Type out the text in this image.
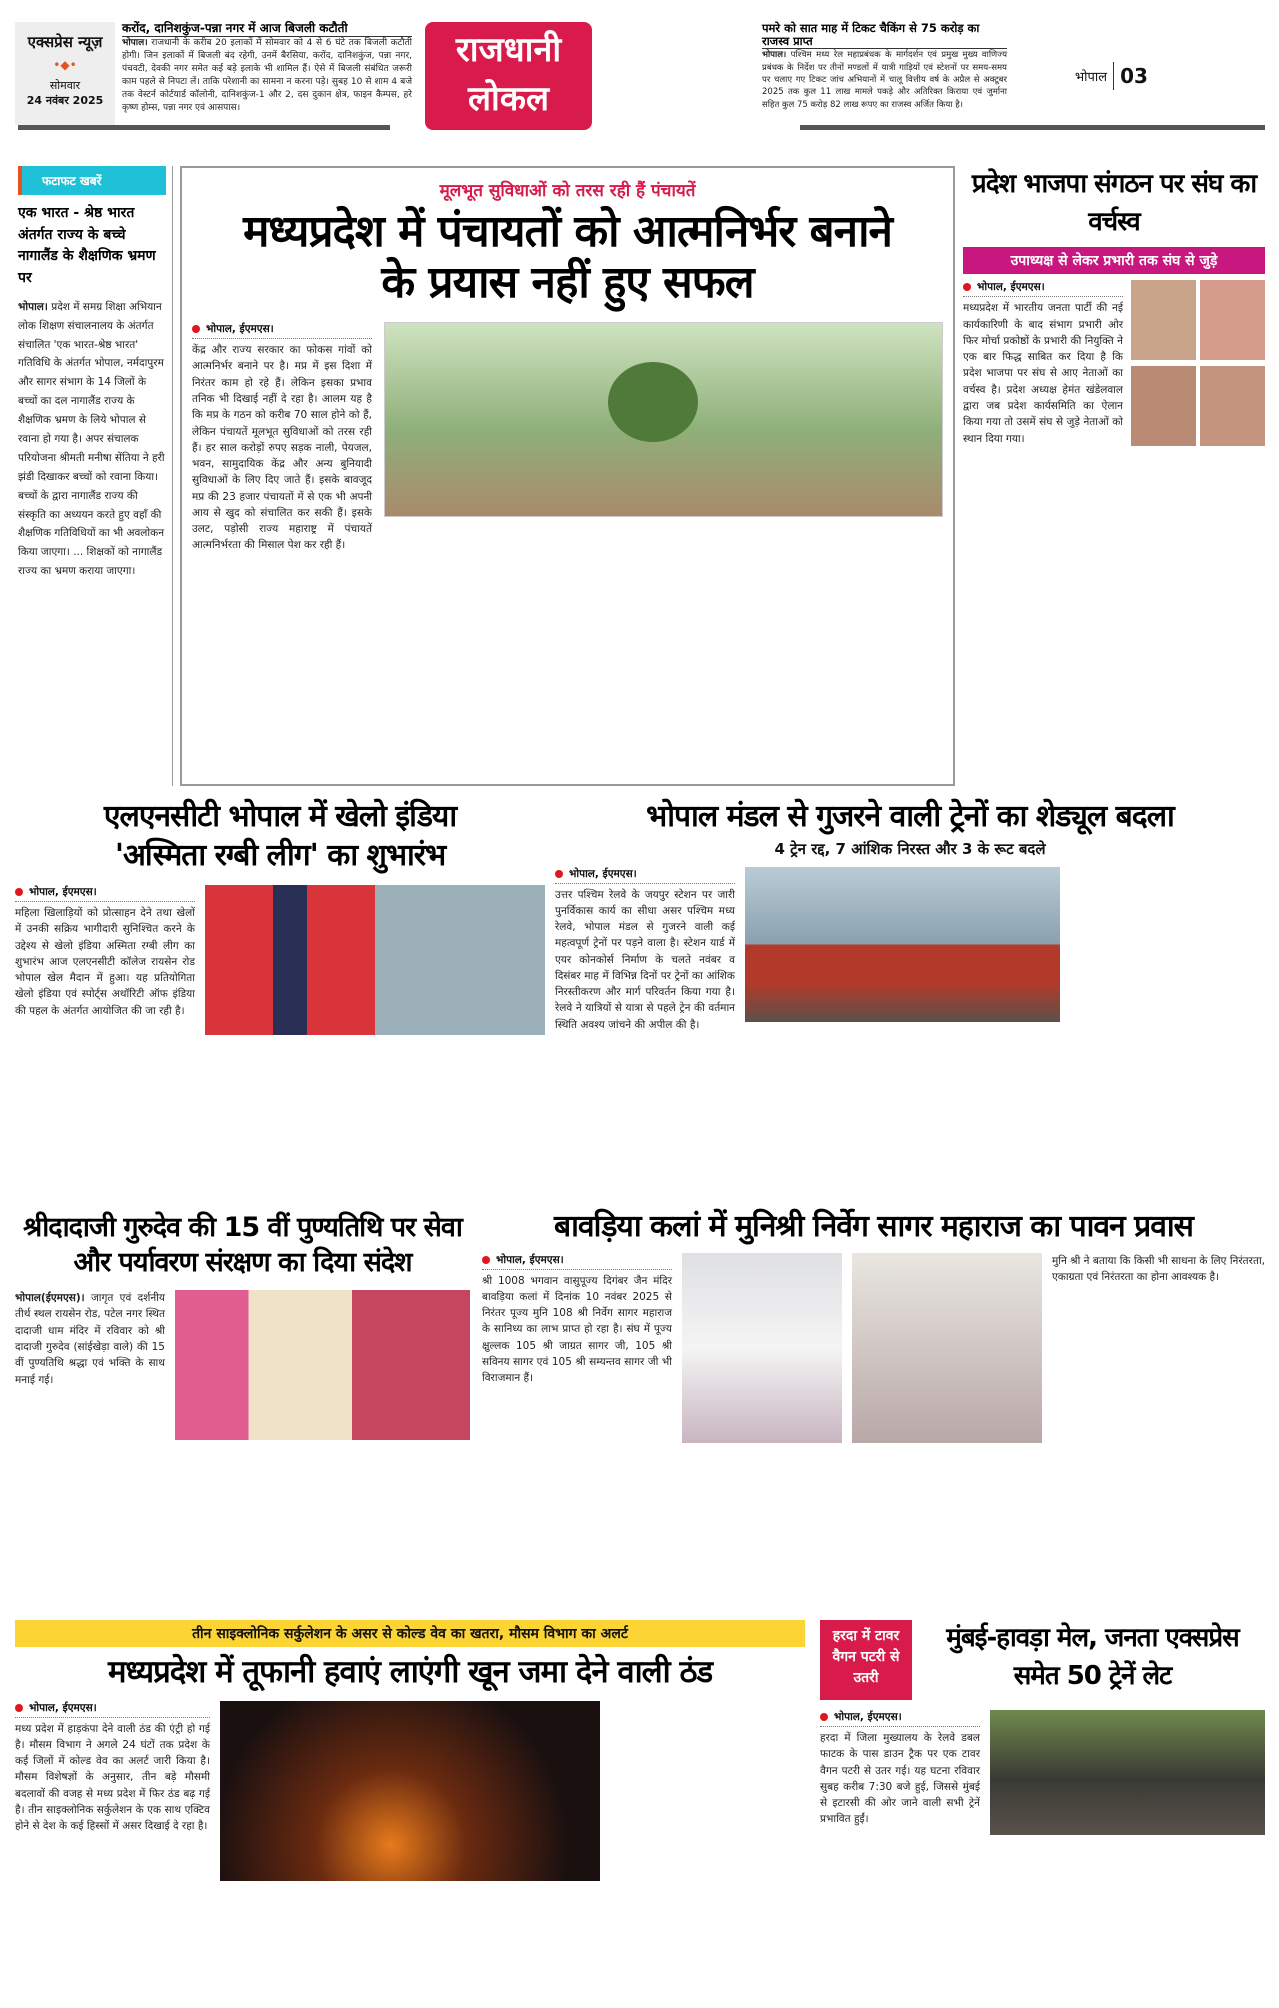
एक्सप्रेस न्यूज़
•◆•
सोमवार
24 नवंबर 2025
करोंद, दानिशकुंज-पन्ना नगर में आज बिजली कटौती
भोपाल। राजधानी के करीब 20 इलाकों में सोमवार को 4 से 6 घंटे तक बिजली कटौती होगी। जिन इलाकों में बिजली बंद रहेगी, उनमें बैरसिया, करोंद, दानिशकुंज, पन्ना नगर, पंचवटी, देवकी नगर समेत कई बड़े इलाके भी शामिल हैं। ऐसे में बिजली संबंधित जरूरी काम पहले से निपटा लें। ताकि परेशानी का सामना न करना पड़े। सुबह 10 से शाम 4 बजे तक वेस्टर्न कोर्टयार्ड कॉलोनी, दानिशकुंज-1 और 2, दस दुकान क्षेत्र, फाइन कैम्पस, हरे कृष्ण होम्स, पन्ना नगर एवं आसपास।
राजधानी
लोकल
पमरे को सात माह में टिकट चैकिंग से 75 करोड़ का राजस्व प्राप्त
भोपाल। पश्चिम मध्य रेल महाप्रबंधक के मार्गदर्शन एवं प्रमुख मुख्य वाणिज्य प्रबंधक के निर्देश पर तीनों मण्डलों में यात्री गाड़ियों एवं स्टेशनों पर समय-समय पर चलाए गए टिकट जांच अभियानों में चालू वित्तीय वर्ष के अप्रैल से अक्टूबर 2025 तक कुल 11 लाख मामले पकड़े और अतिरिक्त किराया एवं जुर्माना सहित कुल 75 करोड़ 82 लाख रूपए का राजस्व अर्जित किया है।
भोपाल 03
फटाफट खबरें
एक भारत - श्रेष्ठ भारत अंतर्गत राज्य के बच्चे नागालैंड के शैक्षणिक भ्रमण पर
भोपाल। प्रदेश में समग्र शिक्षा अभियान लोक शिक्षण संचालनालय के अंतर्गत संचालित 'एक भारत-श्रेष्ठ भारत' गतिविधि के अंतर्गत भोपाल, नर्मदापुरम और सागर संभाग के 14 जिलों के बच्चों का दल नागालैंड राज्य के शैक्षणिक भ्रमण के लिये भोपाल से रवाना हो गया है। अपर संचालक परियोजना श्रीमती मनीषा सेंतिया ने हरी झंडी दिखाकर बच्चों को रवाना किया। बच्चों के द्वारा नागालैंड राज्य की संस्कृति का अध्ययन करते हुए वहाँ की शैक्षणिक गतिविधियों का भी अवलोकन किया जाएगा। ... शिक्षकों को नागालैंड राज्य का भ्रमण कराया जाएगा।
मूलभूत सुविधाओं को तरस रही हैं पंचायतें
मध्यप्रदेश में पंचायतों को आत्मनिर्भर बनाने के प्रयास नहीं हुए सफल
भोपाल, ईएमएस।
केंद्र और राज्य सरकार का फोकस गांवों को आत्मनिर्भर बनाने पर है। मप्र में इस दिशा में निरंतर काम हो रहे हैं। लेकिन इसका प्रभाव तनिक भी दिखाई नहीं दे रहा है। आलम यह है कि मप्र के गठन को करीब 70 साल होने को हैं, लेकिन पंचायतें मूलभूत सुविधाओं को तरस रही हैं। हर साल करोड़ों रुपए सड़क नाली, पेयजल, भवन, सामुदायिक केंद्र और अन्य बुनियादी सुविधाओं के लिए दिए जाते हैं। इसके बावजूद मप्र की 23 हजार पंचायतों में से एक भी अपनी आय से खुद को संचालित कर सकी हैं। इसके उलट, पड़ोसी राज्य महाराष्ट्र में पंचायतें आत्मनिर्भरता की मिसाल पेश कर रही हैं।
प्रदेश भाजपा संगठन पर संघ का वर्चस्व
उपाध्यक्ष से लेकर प्रभारी तक संघ से जुड़े
भोपाल, ईएमएस।
मध्यप्रदेश में भारतीय जनता पार्टी की नई कार्यकारिणी के बाद संभाग प्रभारी ओर फिर मोर्चा प्रकोष्ठों के प्रभारी की नियुक्ति ने एक बार फिद्ध साबित कर दिया है कि प्रदेश भाजपा पर संघ से आए नेताओं का वर्चस्व है। प्रदेश अध्यक्ष हेमंत खंडेलवाल द्वारा जब प्रदेश कार्यसमिति का ऐलान किया गया तो उसमें संघ से जुड़े नेताओं को स्थान दिया गया।
एलएनसीटी भोपाल में खेलो इंडिया
'अस्मिता रग्बी लीग' का शुभारंभ
भोपाल, ईएमएस।
महिला खिलाड़ियों को प्रोत्साहन देने तथा खेलों में उनकी सक्रिय भागीदारी सुनिश्चित करने के उद्देश्य से खेलो इंडिया अस्मिता रग्बी लीग का शुभारंभ आज एलएनसीटी कॉलेज रायसेन रोड भोपाल खेल मैदान में हुआ। यह प्रतियोगिता खेलो इंडिया एवं स्पोर्ट्स अथॉरिटी ऑफ इंडिया की पहल के अंतर्गत आयोजित की जा रही है।
भोपाल मंडल से गुजरने वाली ट्रेनों का शेड्यूल बदला
4 ट्रेन रद्द, 7 आंशिक निरस्त और 3 के रूट बदले
भोपाल, ईएमएस।
उत्तर पश्चिम रेलवे के जयपुर स्टेशन पर जारी पुनर्विकास कार्य का सीधा असर पश्चिम मध्य रेलवे, भोपाल मंडल से गुजरने वाली कई महत्वपूर्ण ट्रेनों पर पड़ने वाला है। स्टेशन यार्ड में एयर कोनकोर्स निर्माण के चलते नवंबर व दिसंबर माह में विभिन्न दिनों पर ट्रेनों का आंशिक निरस्तीकरण और मार्ग परिवर्तन किया गया है। रेलवे ने यात्रियों से यात्रा से पहले ट्रेन की वर्तमान स्थिति अवश्य जांचने की अपील की है।
श्रीदादाजी गुरुदेव की 15 वीं पुण्यतिथि पर सेवा और पर्यावरण संरक्षण का दिया संदेश
भोपाल(ईएमएस)। जागृत एवं दर्शनीय तीर्थ स्थल रायसेन रोड, पटेल नगर स्थित दादाजी धाम मंदिर में रविवार को श्री दादाजी गुरुदेव (सांईखेड़ा वाले) की 15 वीं पुण्यतिथि श्रद्धा एवं भक्ति के साथ मनाई गई।
बावड़िया कलां में मुनिश्री निर्वेग सागर महाराज का पावन प्रवास
भोपाल, ईएमएस।
श्री 1008 भगवान वासुपूज्य दिगंबर जैन मंदिर बावड़िया कलां में दिनांक 10 नवंबर 2025 से निरंतर पूज्य मुनि 108 श्री निर्वेग सागर महाराज के सानिध्य का लाभ प्राप्त हो रहा है। संघ में पूज्य क्षुल्लक 105 श्री जाग्रत सागर जी, 105 श्री सविनय सागर एवं 105 श्री सम्यन्तव सागर जी भी विराजमान हैं।
मुनि श्री ने बताया कि किसी भी साधना के लिए निरंतरता, एकाग्रता एवं निरंतरता का होना आवश्यक है।
तीन साइक्लोनिक सर्कुलेशन के असर से कोल्ड वेव का खतरा, मौसम विभाग का अलर्ट
मध्यप्रदेश में तूफानी हवाएं लाएंगी खून जमा देने वाली ठंड
भोपाल, ईएमएस।
मध्य प्रदेश में हाड़कंपा देने वाली ठंड की एंट्री हो गई है। मौसम विभाग ने अगले 24 घंटों तक प्रदेश के कई जिलों में कोल्ड वेव का अलर्ट जारी किया है। मौसम विशेषज्ञों के अनुसार, तीन बड़े मौसमी बदलावों की वजह से मध्य प्रदेश में फिर ठंड बढ़ गई है। तीन साइक्लोनिक सर्कुलेशन के एक साथ एक्टिव होने से देश के कई हिस्सों में असर दिखाई दे रहा है।
हरदा में टावर वैगन पटरी से उतरी
मुंबई-हावड़ा मेल, जनता एक्सप्रेस समेत 50 ट्रेनें लेट
भोपाल, ईएमएस।
हरदा में जिला मुख्यालय के रेलवे डबल फाटक के पास डाउन ट्रैक पर एक टावर वैगन पटरी से उतर गई। यह घटना रविवार सुबह करीब 7:30 बजे हुई, जिससे मुंबई से इटारसी की ओर जाने वाली सभी ट्रेनें प्रभावित हुईं।
